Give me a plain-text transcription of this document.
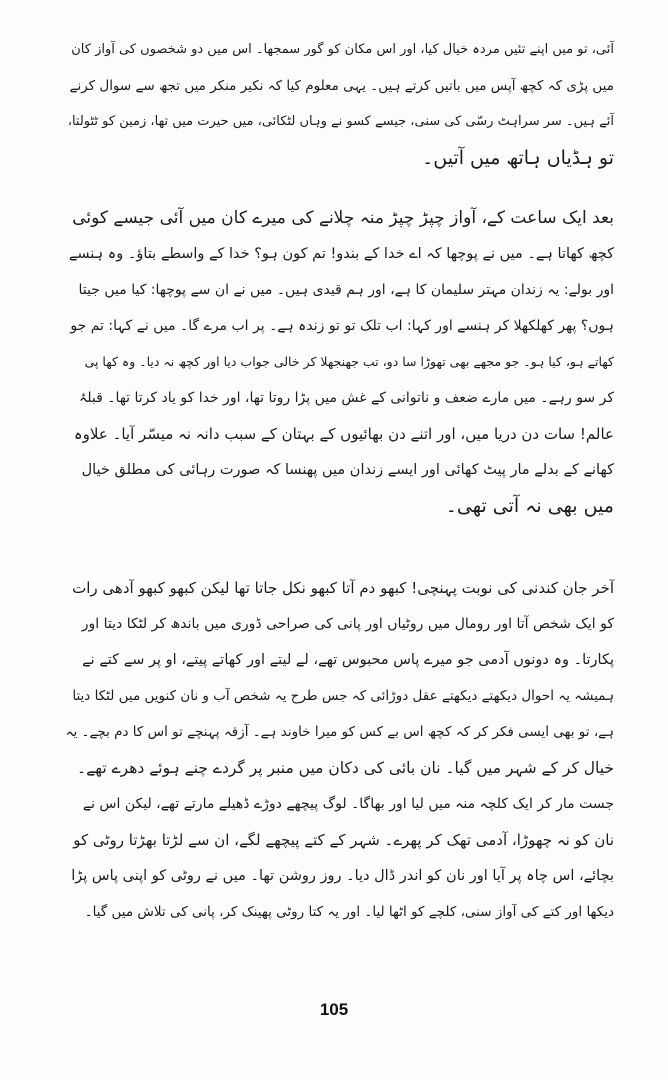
آئی، تو میں اپنے تئیں مردہ خیال کیا، اور اس مکان کو گور سمجھا۔ اس میں دو شخصوں کی آواز کان
میں پڑی کہ کچھ آپس میں باتیں کرتے ہیں۔ یہی معلوم کیا کہ نکیر منکر میں تجھ سے سوال کرنے
آئے ہیں۔ سر سراہٹ رسّی کی سنی، جیسے کسو نے وہاں لٹکائی، میں حیرت میں تھا، زمین کو ٹٹولتا،
تو ہڈیاں ہاتھ میں آتیں۔
بعد ایک ساعت کے، آواز چپڑ چپڑ منہ چلانے کی میرے کان میں آئی جیسے کوئی
کچھ کھاتا ہے۔ میں نے پوچھا کہ اے خدا کے بندو! تم کون ہو؟ خدا کے واسطے بتاؤ۔ وہ ہنسے
اور بولے: یہ زندان مہتر سلیمان کا ہے، اور ہم قیدی ہیں۔ میں نے ان سے پوچھا: کیا میں جیتا
ہوں؟ پھر کھلکھلا کر ہنسے اور کہا: اب تلک تو تو زندہ ہے۔ پر اب مرے گا۔ میں نے کہا: تم جو
کھاتے ہو، کیا ہو۔ جو مجھے بھی تھوڑا سا دو، تب جھنجھلا کر خالی جواب دیا اور کچھ نہ دیا۔ وہ کھا پی
کر سو رہے۔ میں مارے ضعف و ناتوانی کے غش میں پڑا روتا تھا، اور خدا کو یاد کرتا تھا۔ قبلۂ
عالم! سات دن دریا میں، اور اتنے دن بھائیوں کے بہتان کے سبب دانہ نہ میسّر آیا۔ علاوہ
کھانے کے بدلے مار پیٹ کھائی اور ایسے زندان میں پھنسا کہ صورت رہائی کی مطلق خیال
میں بھی نہ آتی تھی۔
آخر جان کندنی کی نوبت پہنچی! کبھو دم آتا کبھو نکل جاتا تھا لیکن کبھو کبھو آدھی رات
کو ایک شخص آتا اور رومال میں روٹیاں اور پانی کی صراحی ڈوری میں باندھ کر لٹکا دیتا اور
پکارتا۔ وہ دونوں آدمی جو میرے پاس محبوس تھے، لے لیتے اور کھاتے پیتے، او پر سے کتے نے
ہمیشہ یہ احوال دیکھتے دیکھتے عقل دوڑائی کہ جس طرح یہ شخص آب و نان کنویں میں لٹکا دیتا
ہے، تو بھی ایسی فکر کر کہ کچھ اس بے کس کو میرا خاوند ہے۔ آزقہ پہنچے تو اس کا دم بچے۔ یہ
خیال کر کے شہر میں گیا۔ نان بائی کی دکان میں منبر پر گردے چنے ہوئے دھرے تھے۔
جست مار کر ایک کلچہ منہ میں لیا اور بھاگا۔ لوگ پیچھے دوڑے ڈھیلے مارتے تھے، لیکن اس نے
نان کو نہ چھوڑا، آدمی تھک کر پھرے۔ شہر کے کتے پیچھے لگے، ان سے لڑتا بھڑتا روٹی کو
بچائے، اس چاہ پر آیا اور نان کو اندر ڈال دیا۔ روز روشن تھا۔ میں نے روٹی کو اپنی پاس پڑا
دیکھا اور کتے کی آواز سنی، کلچے کو اٹھا لیا۔ اور یہ کتا روٹی پھینک کر، پانی کی تلاش میں گیا۔
105
